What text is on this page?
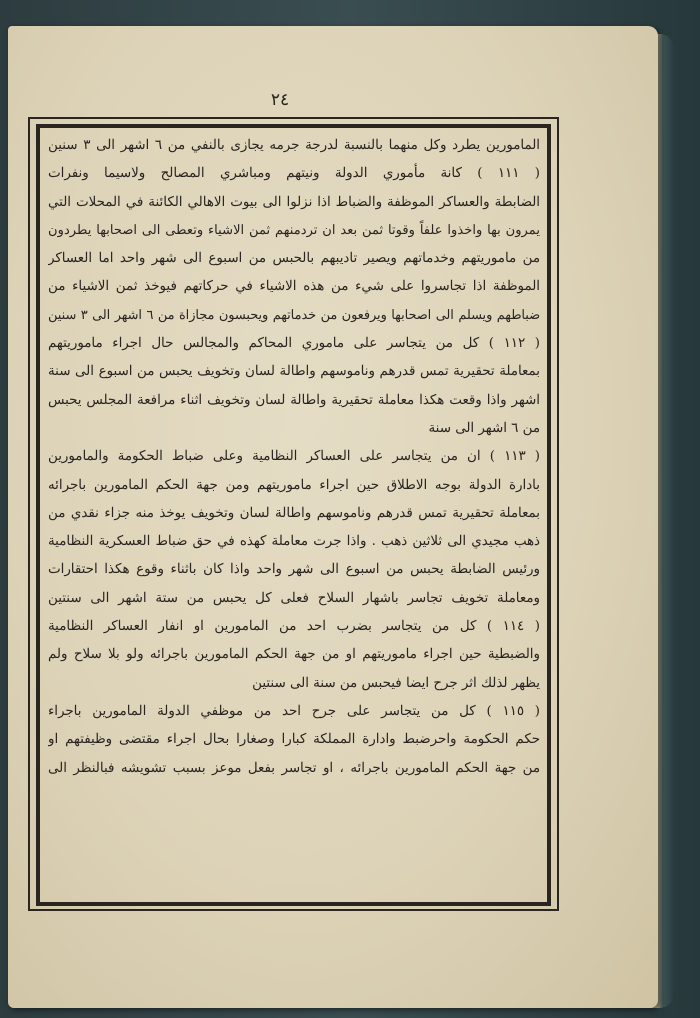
٢٤
المامورين يطرد وكل منهما بالنسبة لدرجة جرمه يجازى بالنفي من ٦ اشهر الى ٣ سنين
( ١١١ ) كانة مأموري الدولة ونيتهم ومباشري المصالح ولاسيما ونفرات
الضابطة والعساكر الموظفة والضباط اذا نزلوا الى بيوت الاهالي الكائنة في المحلات التي
يمرون بها واخذوا علفاً وقوتا ثمن بعد ان تردمنهم ثمن الاشياء وتعطى الى اصحابها يطردون
من ماموريتهم وخدماتهم ويصير تاديبهم بالحبس من اسبوع الى شهر واحد اما العساكر
الموظفة اذا تجاسروا على شيء من هذه الاشياء في حركاتهم فيوخذ ثمن الاشياء من
ضباطهم ويسلم الى اصحابها ويرفعون من خدماتهم ويحبسون مجازاة من ٦ اشهر الى ٣ سنين
( ١١٢ ) كل من يتجاسر على ماموري المحاكم والمجالس حال اجراء ماموريتهم
بمعاملة تحقيرية تمس قدرهم وناموسهم واطالة لسان وتخويف يحبس من اسبوع الى سنة
اشهر واذا وقعت هكذا معاملة تحقيرية واطالة لسان وتخويف اثناء مرافعة المجلس يحبس
من ٦ اشهر الى سنة
( ١١٣ ) ان من يتجاسر على العساكر النظامية وعلى ضباط الحكومة والمامورين
بادارة الدولة بوجه الاطلاق حين اجراء ماموريتهم ومن جهة الحكم المامورين باجرائه
بمعاملة تحقيرية تمس قدرهم وناموسهم واطالة لسان وتخويف يوخذ منه جزاء نقدي من
ذهب مجيدي الى ثلاثين ذهب . واذا جرت معاملة كهذه في حق ضباط العسكرية النظامية
ورئيس الضابطة يحبس من اسبوع الى شهر واحد واذا كان باثناء وقوع هكذا احتقارات
ومعاملة تخويف تجاسر باشهار السلاح فعلى كل يحبس من ستة اشهر الى سنتين
( ١١٤ ) كل من يتجاسر بضرب احد من المامورين او انفار العساكر النظامية
والضبطية حين اجراء ماموريتهم او من جهة الحكم المامورين باجرائه ولو بلا سلاح ولم
يظهر لذلك اثر جرح ايضا فيحبس من سنة الى سنتين
( ١١٥ ) كل من يتجاسر على جرح احد من موظفي الدولة المامورين باجراء
حكم الحكومة واحرضبط وادارة المملكة كبارا وصغارا بحال اجراء مقتضى وظيفتهم او
من جهة الحكم المامورين باجرائه ، او تجاسر بفعل موعز بسبب تشويشه فبالنظر الى
